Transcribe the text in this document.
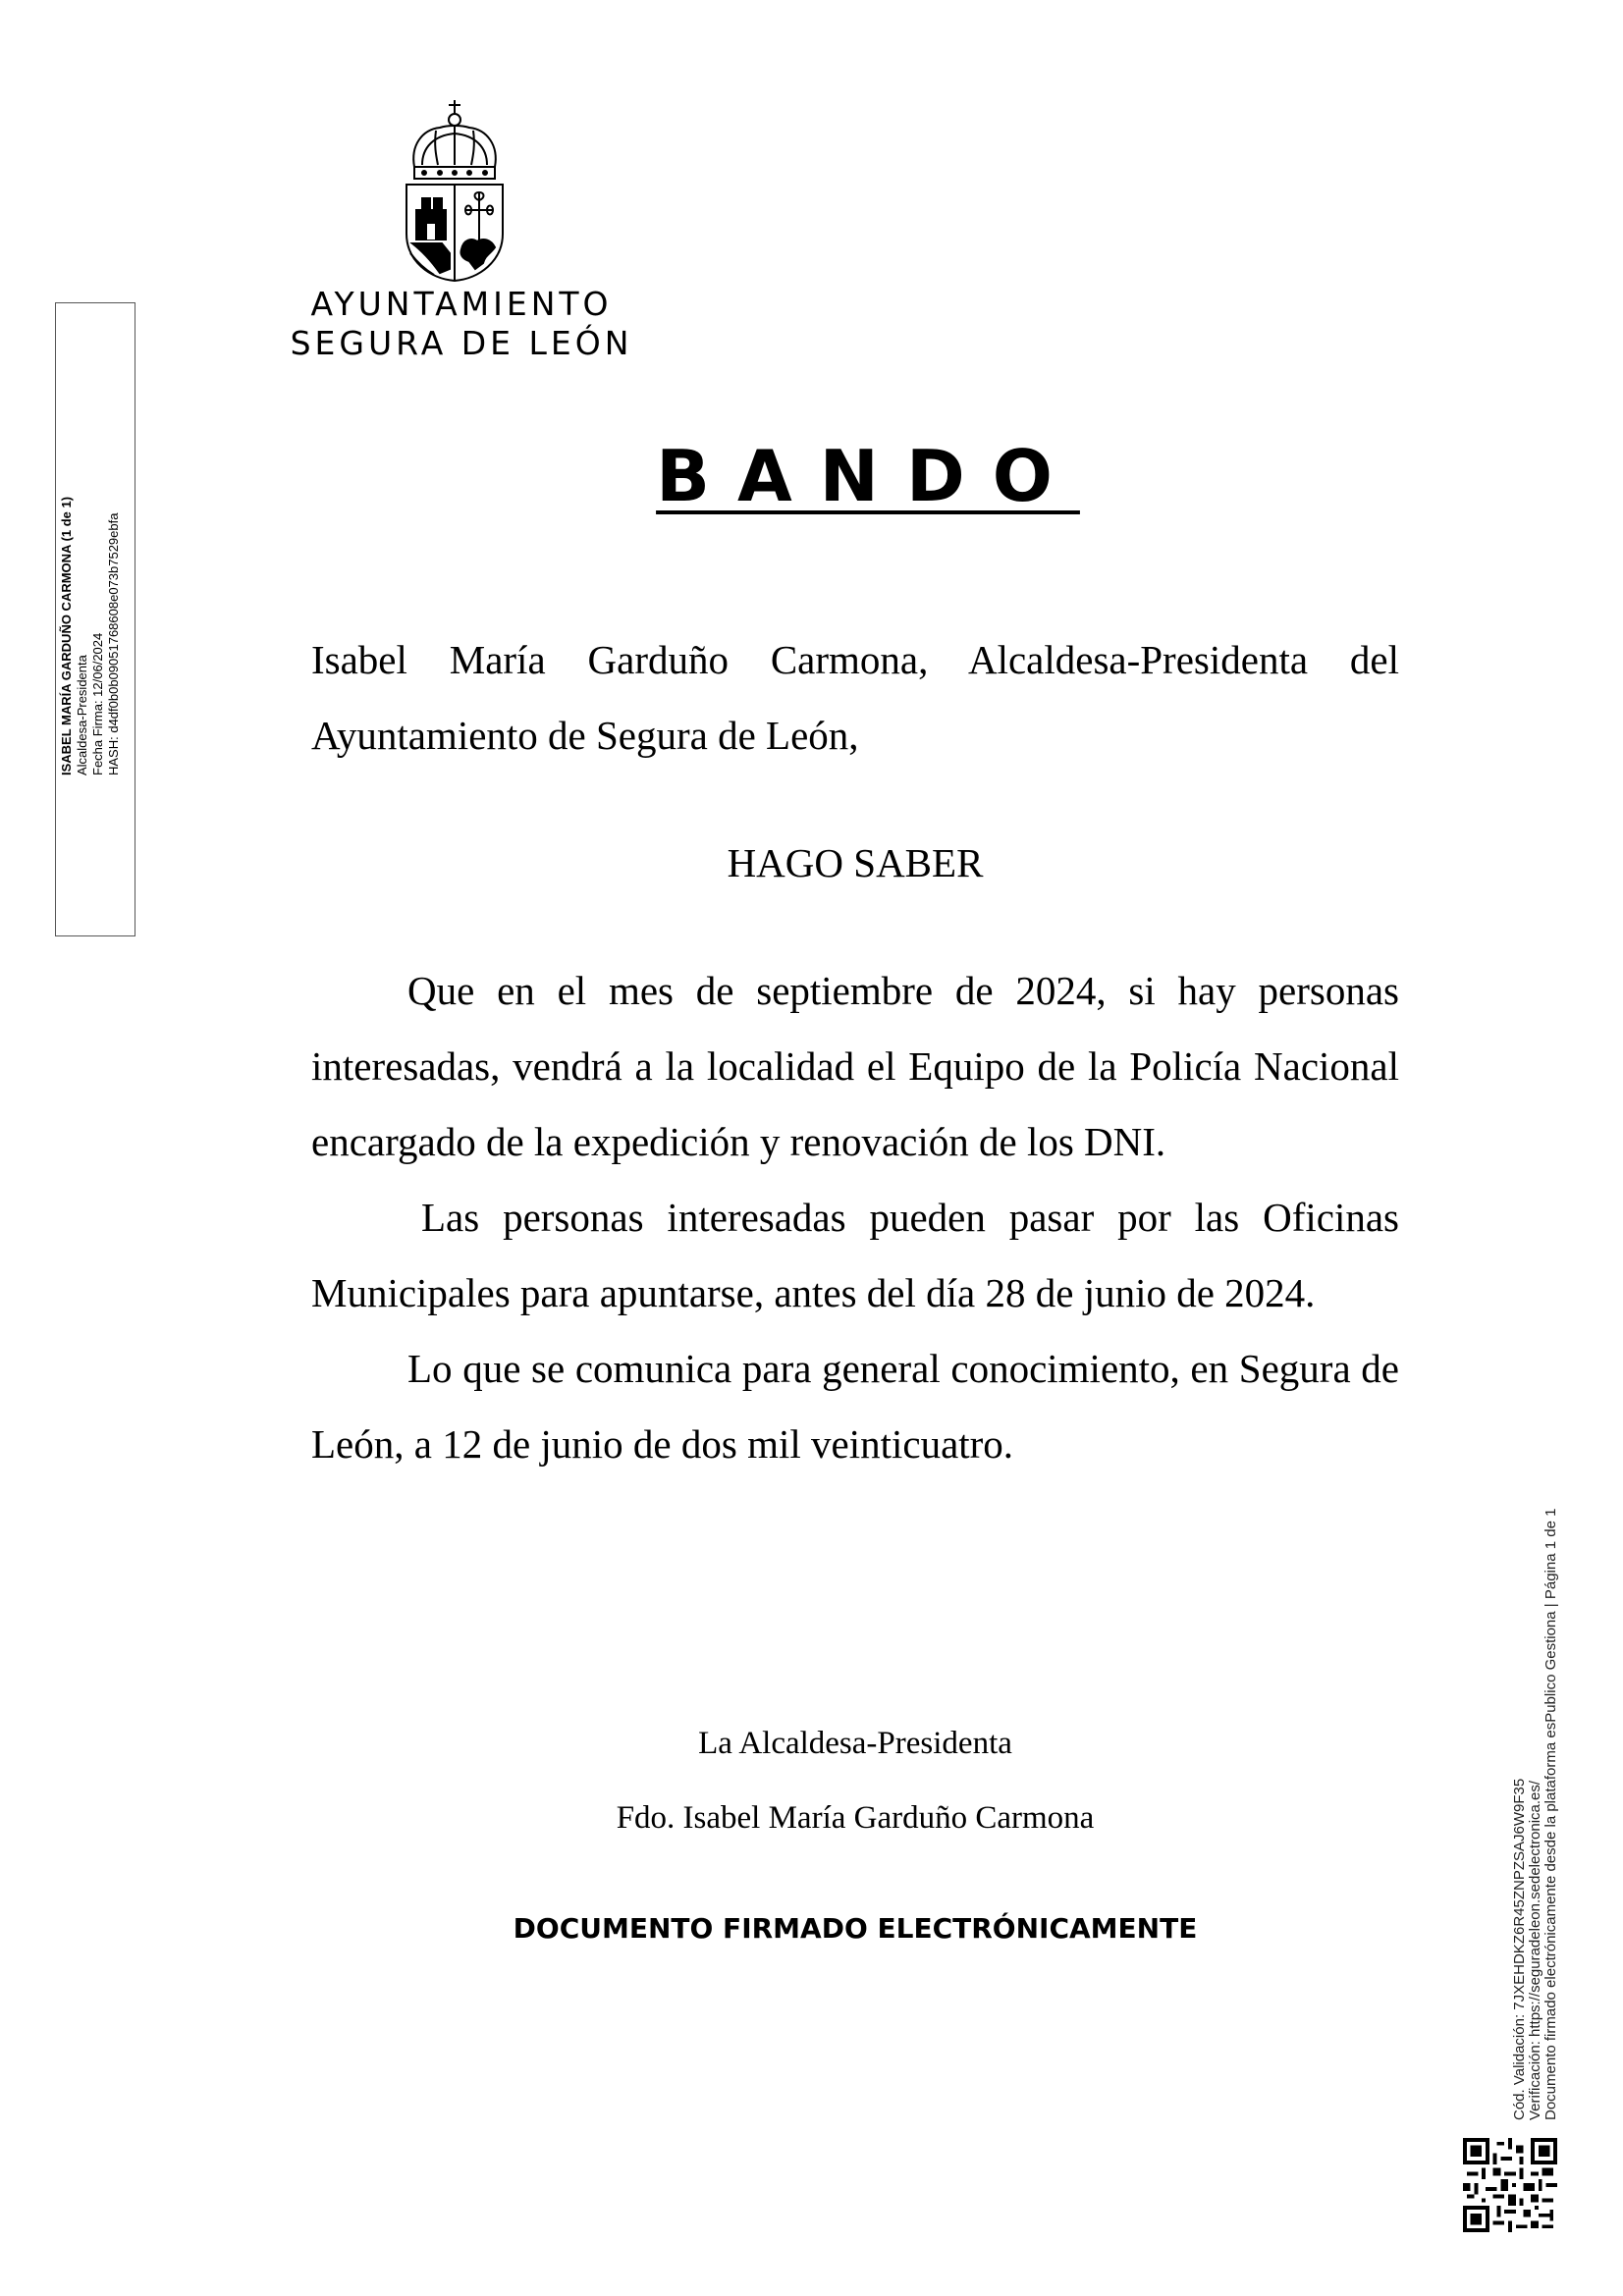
AYUNTAMIENTO
SEGURA DE LEÓN
BANDO
ISABEL MARÍA GARDUÑO CARMONA (1 de 1) Alcaldesa-Presidenta Fecha Firma: 12/06/2024 HASH: d4df0b0b09051768608e073b7529ebfa	Isabel María Garduño Carmona, Alcaldesa-Presidenta del Ayuntamiento de Segura de León,

HAGO SABER

Que en el mes de septiembre de 2024, si hay personas interesadas, vendrá a la localidad el Equipo de la Policía Nacional encargado de la expedición y renovación de los DNI.

Las personas interesadas pueden pasar por las Oficinas Municipales para apuntarse, antes del día 28 de junio de 2024.

Lo que se comunica para general conocimiento, en Segura de León, a 12 de junio de dos mil veinticuatro.

La Alcaldesa-Presidenta
Fdo. Isabel María Garduño Carmona
DOCUMENTO FIRMADO ELECTRÓNICAMENTE	Cód. Validación: 7JXEHDKZ6R45ZNPZSAJ6W9F35 Verificación: https://seguradeleon.sedelectronica.es/ Documento firmado electrónicamente desde la plataforma esPublico Gestiona | Página 1 de 1
